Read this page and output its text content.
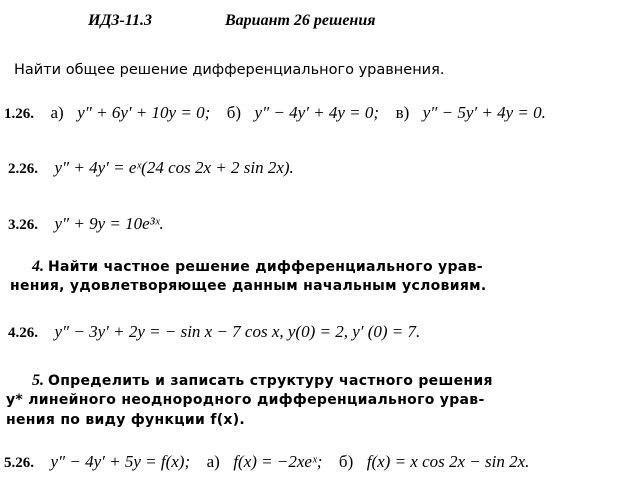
ИДЗ-11.3	Вариант 26 решения
Найти общее решение дифференциального уравнения.
1.26. а) y″ + 6y′ + 10y = 0; б) y″ − 4y′ + 4y = 0; в) y″ − 5y′ + 4y = 0.
2.26. y″ + 4y′ = eˣ(24 cos 2x + 2 sin 2x).
3.26. y″ + 9y = 10e³ˣ.
4. Найти частное решение дифференциального урав-
нения, удовлетворяющее данным начальным условиям.
4.26. y″ − 3y′ + 2y = − sin x − 7 cos x, y(0) = 2, y′ (0) = 7.
5. Определить и записать структуру частного решения
y* линейного неоднородного дифференциального урав-
нения по виду функции f(x).
5.26. y″ − 4y′ + 5y = f(x); а) f(x) = −2xeˣ; б) f(x) = x cos 2x − sin 2x.
